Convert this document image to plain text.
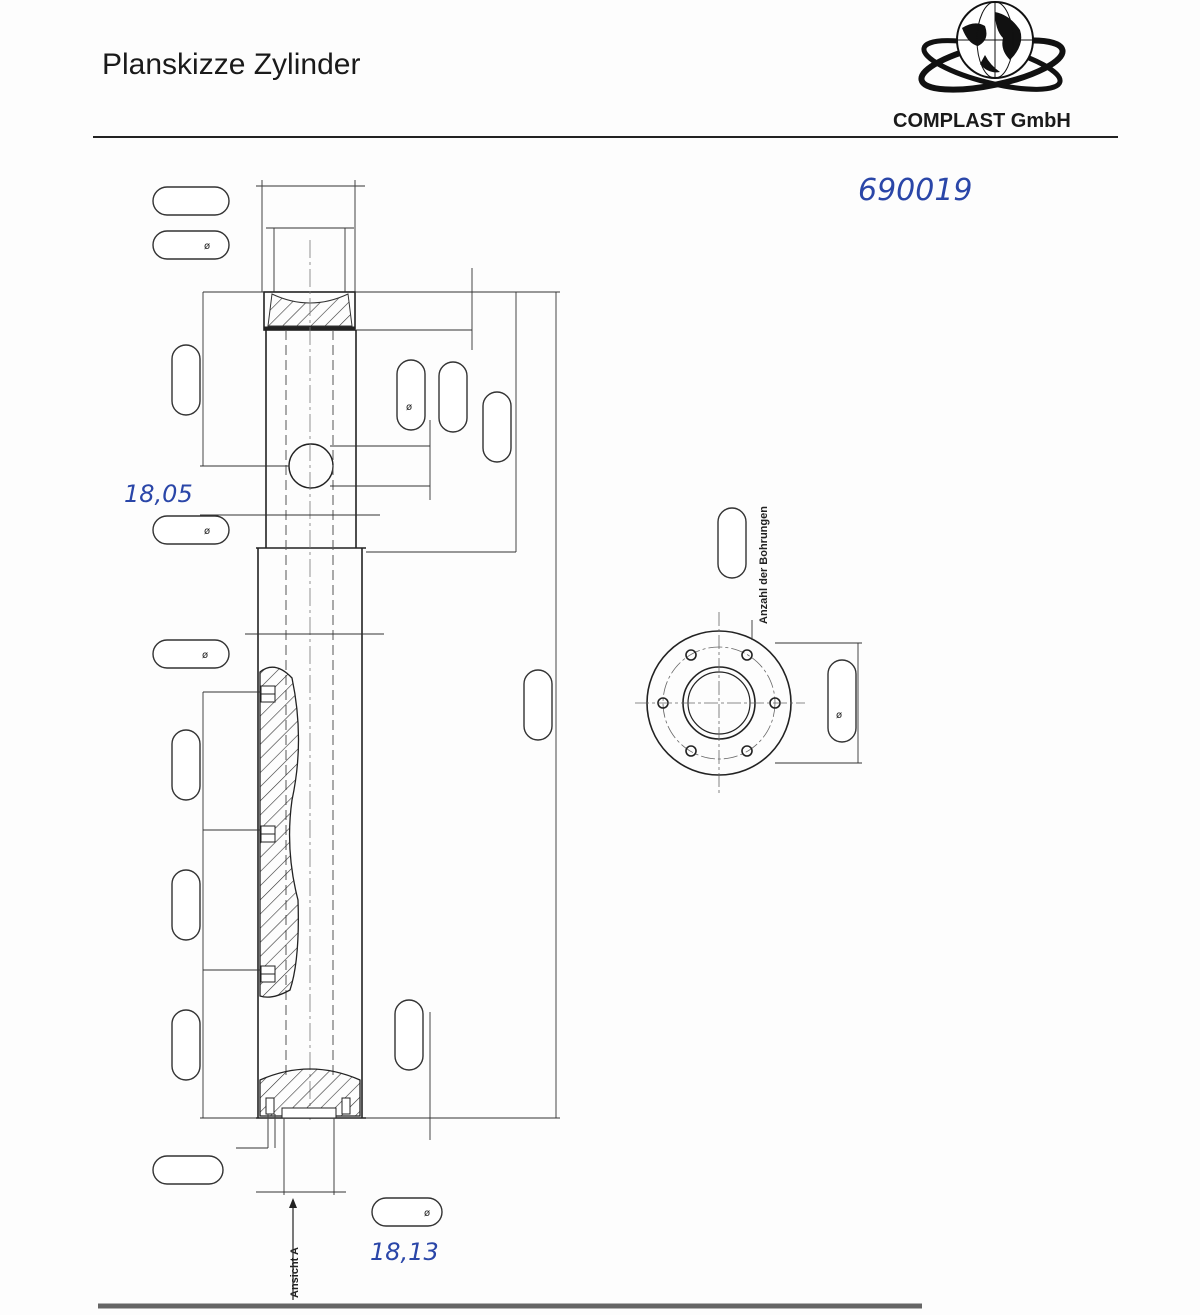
Planskizze Zylinder
COMPLAST GmbH
690019
18,05
18,13
ø
ø
ø
ø
ø
ø
Anzahl der Bohrungen
Ansicht A
